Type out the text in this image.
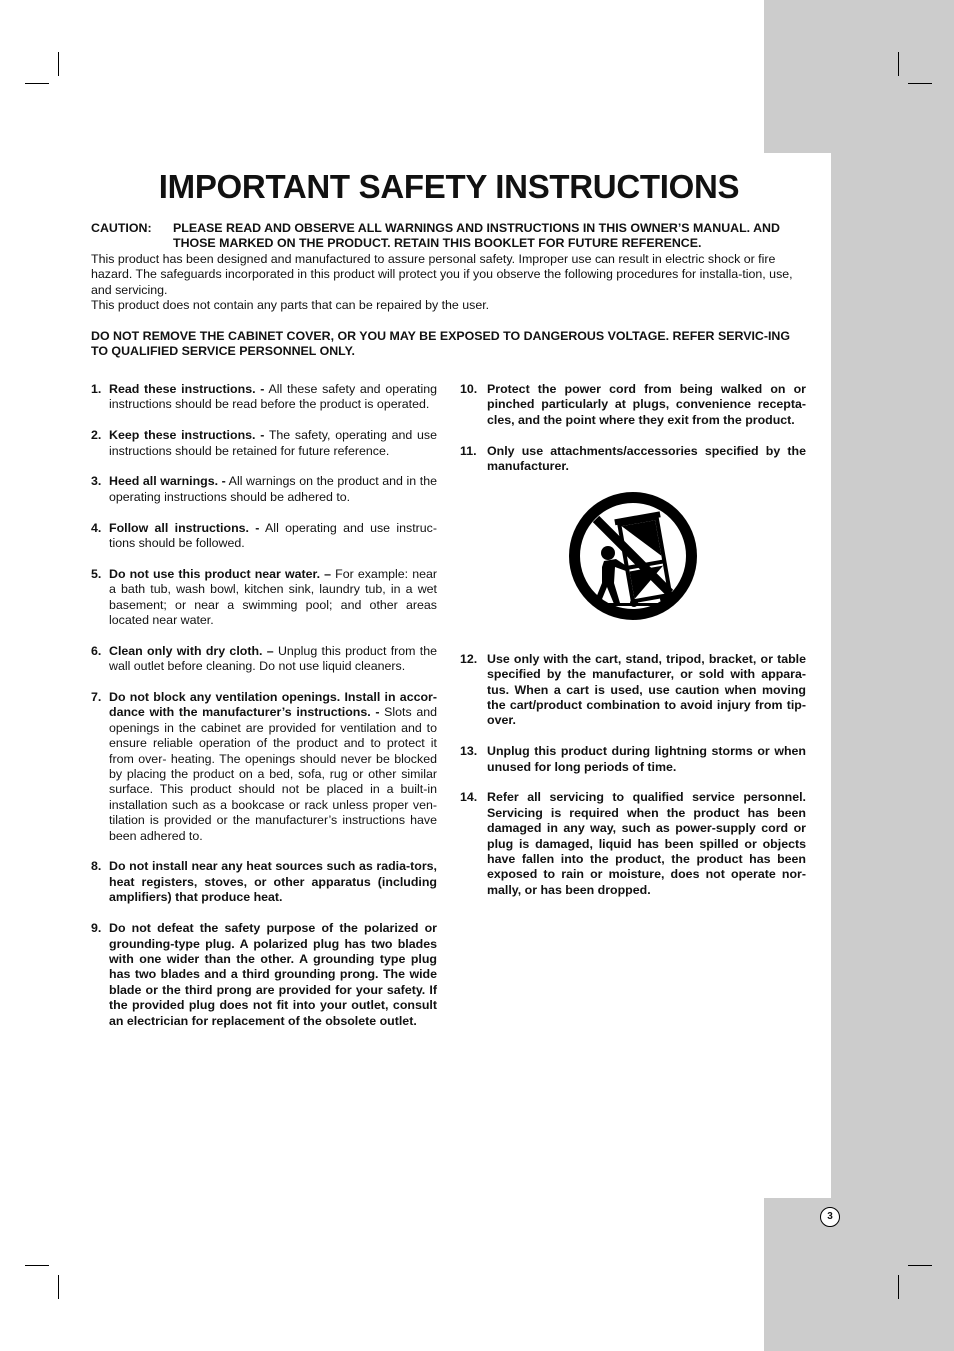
3
IMPORTANT SAFETY INSTRUCTIONS
CAUTION: PLEASE READ AND OBSERVE ALL WARNINGS AND INSTRUCTIONS IN THIS OWNER’S MANUAL. AND THOSE MARKED ON THE PRODUCT. RETAIN THIS BOOKLET FOR FUTURE REFERENCE.

This product has been designed and manufactured to assure personal safety. Improper use can result in electric shock or fire hazard. The safeguards incorporated in this product will protect you if you observe the following procedures for installa-tion, use, and servicing.

This product does not contain any parts that can be repaired by the user.

DO NOT REMOVE THE CABINET COVER, OR YOU MAY BE EXPOSED TO DANGEROUS VOLTAGE. REFER SERVIC-ING TO QUALIFIED SERVICE PERSONNEL ONLY.
1. Read these instructions. - All these safety and operating instructions should be read before the product is operated.
2. Keep these instructions. - The safety, operating and use instructions should be retained for future reference.
3. Heed all warnings. - All warnings on the product and in the operating instructions should be adhered to.
4. Follow all instructions. - All operating and use instruc-tions should be followed.
5. Do not use this product near water. – For example: near a bath tub, wash bowl, kitchen sink, laundry tub, in a wet basement; or near a swimming pool; and other areas located near water.
6. Clean only with dry cloth. – Unplug this product from the wall outlet before cleaning. Do not use liquid cleaners.
7. Do not block any ventilation openings. Install in accor-dance with the manufacturer’s instructions. - Slots and openings in the cabinet are provided for ventilation and to ensure reliable operation of the product and to protect it from over- heating. The openings should never be blocked by placing the product on a bed, sofa, rug or other similar surface. This product should not be placed in a built-in installation such as a bookcase or rack unless proper ven-tilation is provided or the manufacturer’s instructions have been adhered to.
8. Do not install near any heat sources such as radia-tors, heat registers, stoves, or other apparatus (including amplifiers) that produce heat.
9. Do not defeat the safety purpose of the polarized or grounding-type plug. A polarized plug has two blades with one wider than the other. A grounding type plug has two blades and a third grounding prong. The wide blade or the third prong are provided for your safety. If the provided plug does not fit into your outlet, consult an electrician for replacement of the obsolete outlet.
10. Protect the power cord from being walked on or pinched particularly at plugs, convenience recepta-cles, and the point where they exit from the product.
11. Only use attachments/accessories specified by the manufacturer.
12. Use only with the cart, stand, tripod, bracket, or table specified by the manufacturer, or sold with appara-tus. When a cart is used, use caution when moving the cart/product combination to avoid injury from tip-over.
13. Unplug this product during lightning storms or when unused for long periods of time.
14. Refer all servicing to qualified service personnel. Servicing is required when the product has been damaged in any way, such as power-supply cord or plug is damaged, liquid has been spilled or objects have fallen into the product, the product has been exposed to rain or moisture, does not operate nor-mally, or has been dropped.
